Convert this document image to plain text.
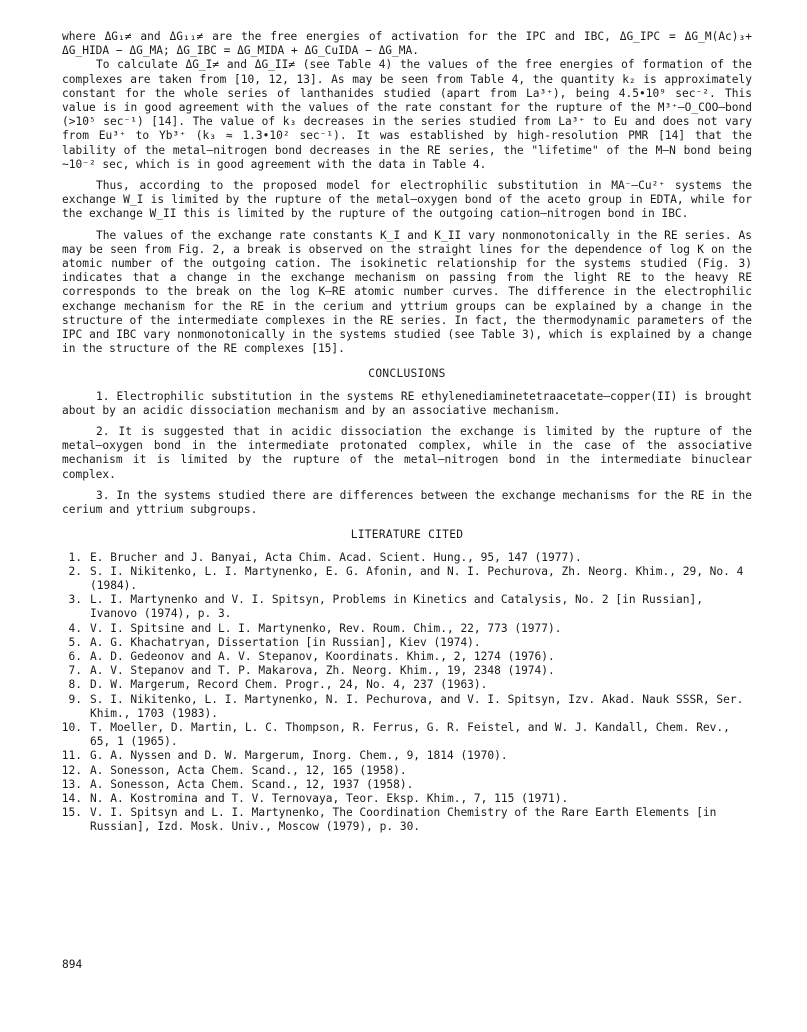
where ΔG₁≠ and ΔG₁₁≠ are the free energies of activation for the IPC and IBC, ΔG_IPC = ΔG_M(Ac)₃+ ΔG_HIDA − ΔG_MA; ΔG_IBC = ΔG_MIDA + ΔG_CuIDA − ΔG_MA.

To calculate ΔG_I≠ and ΔG_II≠ (see Table 4) the values of the free energies of formation of the complexes are taken from [10, 12, 13]. As may be seen from Table 4, the quantity k₂ is approximately constant for the whole series of lanthanides studied (apart from La³⁺), being 4.5•10⁹ sec⁻². This value is in good agreement with the values of the rate constant for the rupture of the M³⁺–O_COO–bond (>10⁵ sec⁻¹) [14]. The value of k₃ decreases in the series studied from La³⁺ to Eu and does not vary from Eu³⁺ to Yb³⁺ (k₃ ≈ 1.3•10² sec⁻¹). It was established by high-resolution PMR [14] that the lability of the metal–nitrogen bond decreases in the RE series, the "lifetime" of the M–N bond being ~10⁻² sec, which is in good agreement with the data in Table 4.

Thus, according to the proposed model for electrophilic substitution in MA⁻–Cu²⁺ systems the exchange W_I is limited by the rupture of the metal–oxygen bond of the aceto group in EDTA, while for the exchange W_II this is limited by the rupture of the outgoing cation–nitrogen bond in IBC.

The values of the exchange rate constants K_I and K_II vary nonmonotonically in the RE series. As may be seen from Fig. 2, a break is observed on the straight lines for the dependence of log K on the atomic number of the outgoing cation. The isokinetic relationship for the systems studied (Fig. 3) indicates that a change in the exchange mechanism on passing from the light RE to the heavy RE corresponds to the break on the log K–RE atomic number curves. The difference in the electrophilic exchange mechanism for the RE in the cerium and yttrium groups can be explained by a change in the structure of the intermediate complexes in the RE series. In fact, the thermodynamic parameters of the IPC and IBC vary nonmonotonically in the systems studied (see Table 3), which is explained by a change in the structure of the RE complexes [15].

CONCLUSIONS

1. Electrophilic substitution in the systems RE ethylenediaminetetraacetate–copper(II) is brought about by an acidic dissociation mechanism and by an associative mechanism.

2. It is suggested that in acidic dissociation the exchange is limited by the rupture of the metal–oxygen bond in the intermediate protonated complex, while in the case of the associative mechanism it is limited by the rupture of the metal–nitrogen bond in the intermediate binuclear complex.

3. In the systems studied there are differences between the exchange mechanisms for the RE in the cerium and yttrium subgroups.

LITERATURE CITED
1. E. Brucher and J. Banyai, Acta Chim. Acad. Scient. Hung., 95, 147 (1977).
2. S. I. Nikitenko, L. I. Martynenko, E. G. Afonin, and N. I. Pechurova, Zh. Neorg. Khim., 29, No. 4 (1984).
3. L. I. Martynenko and V. I. Spitsyn, Problems in Kinetics and Catalysis, No. 2 [in Russian], Ivanovo (1974), p. 3.
4. V. I. Spitsine and L. I. Martynenko, Rev. Roum. Chim., 22, 773 (1977).
5. A. G. Khachatryan, Dissertation [in Russian], Kiev (1974).
6. A. D. Gedeonov and A. V. Stepanov, Koordinats. Khim., 2, 1274 (1976).
7. A. V. Stepanov and T. P. Makarova, Zh. Neorg. Khim., 19, 2348 (1974).
8. D. W. Margerum, Record Chem. Progr., 24, No. 4, 237 (1963).
9. S. I. Nikitenko, L. I. Martynenko, N. I. Pechurova, and V. I. Spitsyn, Izv. Akad. Nauk SSSR, Ser. Khim., 1703 (1983).
10. T. Moeller, D. Martin, L. C. Thompson, R. Ferrus, G. R. Feistel, and W. J. Kandall, Chem. Rev., 65, 1 (1965).
11. G. A. Nyssen and D. W. Margerum, Inorg. Chem., 9, 1814 (1970).
12. A. Sonesson, Acta Chem. Scand., 12, 165 (1958).
13. A. Sonesson, Acta Chem. Scand., 12, 1937 (1958).
14. N. A. Kostromina and T. V. Ternovaya, Teor. Eksp. Khim., 7, 115 (1971).
15. V. I. Spitsyn and L. I. Martynenko, The Coordination Chemistry of the Rare Earth Elements [in Russian], Izd. Mosk. Univ., Moscow (1979), p. 30.
894
